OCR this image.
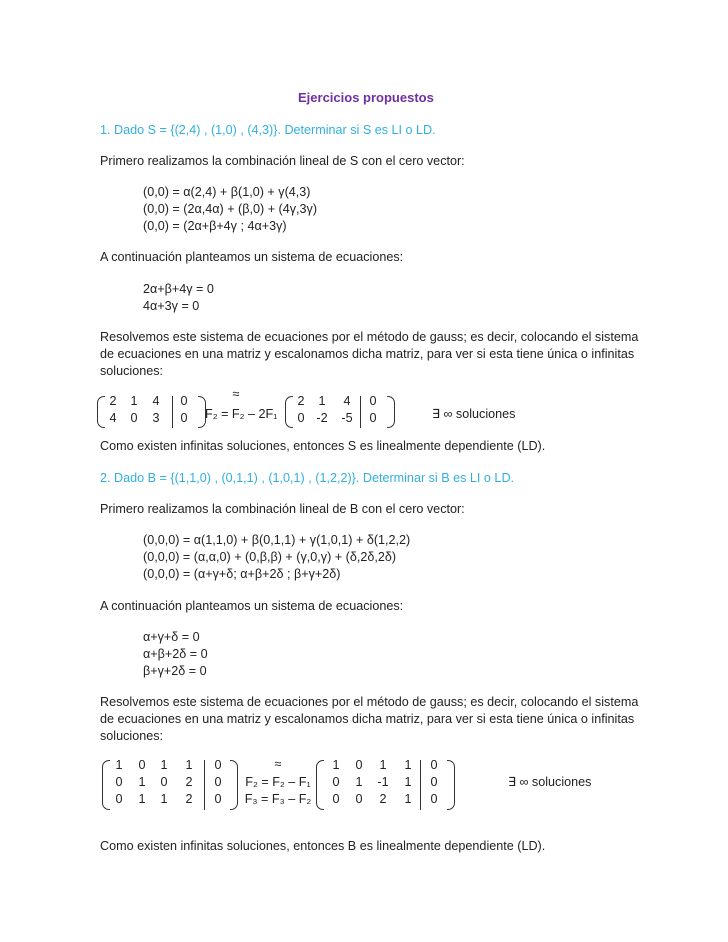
Ejercicios propuestos
1. Dado S = {(2,4) , (1,0) , (4,3)}. Determinar si S es LI o LD.
Primero realizamos la combinación lineal de S con el cero vector:
(0,0) = α(2,4) + β(1,0) + γ(4,3)
(0,0) = (2α,4α) + (β,0) + (4γ,3γ)
(0,0) = (2α+β+4γ ; 4α+3γ)
A continuación planteamos un sistema de ecuaciones:
2α+β+4γ = 0
4α+3γ = 0
Resolvemos este sistema de ecuaciones por el método de gauss; es decir, colocando el sistema
de ecuaciones en una matriz y escalonamos dicha matriz, para ver si esta tiene única o infinitas
soluciones:
2	1	4	0
4	0	3	0
≈
F₂ = F₂ – 2F₁
2	1	4	0
0 -2 -5	0	∃ ∞ soluciones
Como existen infinitas soluciones, entonces S es linealmente dependiente (LD).
2. Dado B = {(1,1,0) , (0,1,1) , (1,0,1) , (1,2,2)}. Determinar si B es LI o LD.
Primero realizamos la combinación lineal de B con el cero vector:
(0,0,0) = α(1,1,0) + β(0,1,1) + γ(1,0,1) + δ(1,2,2)
(0,0,0) = (α,α,0) + (0,β,β) + (γ,0,γ) + (δ,2δ,2δ)
(0,0,0) = (α+γ+δ; α+β+2δ ; β+γ+2δ)
A continuación planteamos un sistema de ecuaciones:
α+γ+δ = 0
α+β+2δ = 0
β+γ+2δ = 0
Resolvemos este sistema de ecuaciones por el método de gauss; es decir, colocando el sistema
de ecuaciones en una matriz y escalonamos dicha matriz, para ver si esta tiene única o infinitas
soluciones:
1	0	1	1	0
0	1	0	2	0
0	1	1	2	0
≈
F₂ = F₂ – F₁
F₃ = F₃ – F₂
1	0	1	1	0
0	1	-1	1	0
0	0	2	1	0
∃ ∞ soluciones
Como existen infinitas soluciones, entonces B es linealmente dependiente (LD).
